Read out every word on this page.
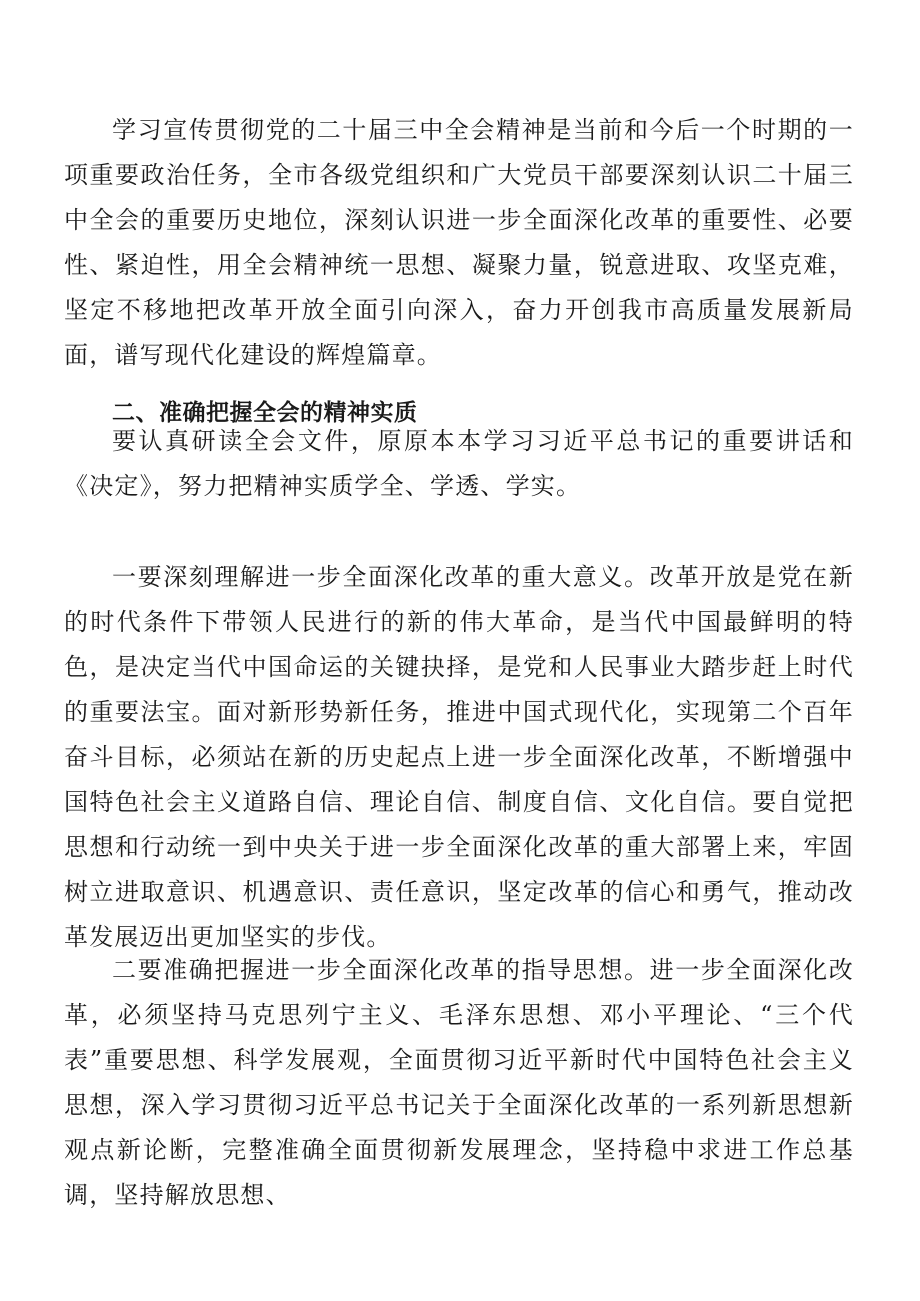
学习宣传贯彻党的二十届三中全会精神是当前和今后一个时期的一项重要政治任务，全市各级党组织和广大党员干部要深刻认识二十届三中全会的重要历史地位，深刻认识进一步全面深化改革的重要性、必要性、紧迫性，用全会精神统一思想、凝聚力量，锐意进取、攻坚克难，坚定不移地把改革开放全面引向深入，奋力开创我市高质量发展新局面，谱写现代化建设的辉煌篇章。

二、准确把握全会的精神实质

要认真研读全会文件，原原本本学习习近平总书记的重要讲话和《决定》，努力把精神实质学全、学透、学实。

一要深刻理解进一步全面深化改革的重大意义。改革开放是党在新的时代条件下带领人民进行的新的伟大革命，是当代中国最鲜明的特色，是决定当代中国命运的关键抉择，是党和人民事业大踏步赶上时代的重要法宝。面对新形势新任务，推进中国式现代化，实现第二个百年奋斗目标，必须站在新的历史起点上进一步全面深化改革，不断增强中国特色社会主义道路自信、理论自信、制度自信、文化自信。要自觉把思想和行动统一到中央关于进一步全面深化改革的重大部署上来，牢固树立进取意识、机遇意识、责任意识，坚定改革的信心和勇气，推动改革发展迈出更加坚实的步伐。

二要准确把握进一步全面深化改革的指导思想。进一步全面深化改革，必须坚持马克思列宁主义、毛泽东思想、邓小平理论、“三个代表”重要思想、科学发展观，全面贯彻习近平新时代中国特色社会主义思想，深入学习贯彻习近平总书记关于全面深化改革的一系列新思想新观点新论断，完整准确全面贯彻新发展理念，坚持稳中求进工作总基调，坚持解放思想、
